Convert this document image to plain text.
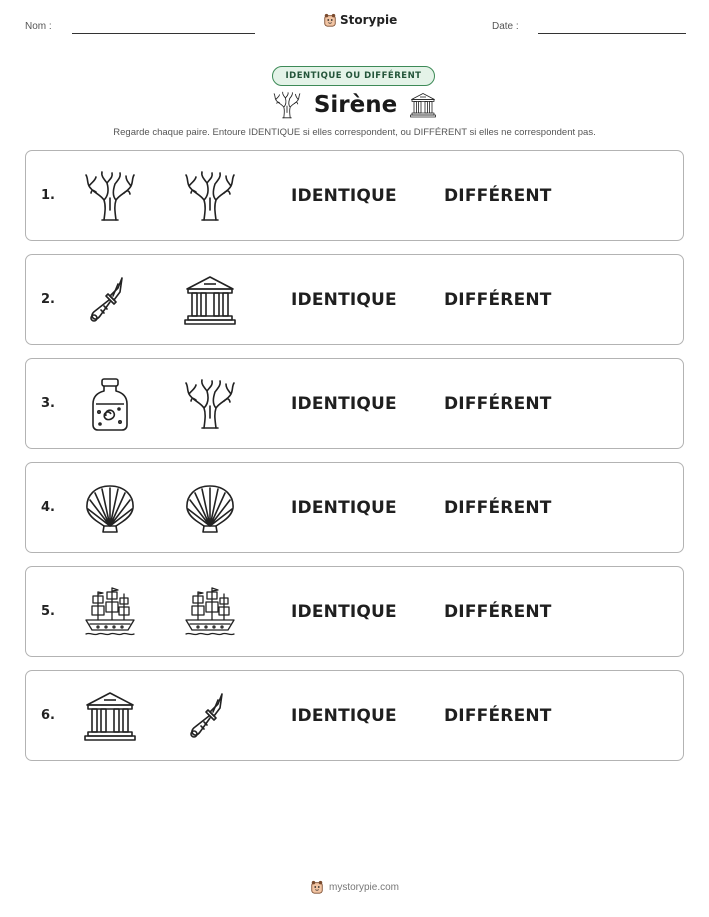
Nom :	Storypie	Date :
IDENTIQUE OU DIFFÉRENT
Sirène
Regarde chaque paire. Entoure IDENTIQUE si elles correspondent, ou DIFFÉRENT si elles ne correspondent pas.
1.	IDENTIQUE	DIFFÉRENT
2.	IDENTIQUE	DIFFÉRENT
3.	IDENTIQUE	DIFFÉRENT
4.	IDENTIQUE	DIFFÉRENT
5.	IDENTIQUE	DIFFÉRENT
6.	IDENTIQUE	DIFFÉRENT
mystorypie.com
